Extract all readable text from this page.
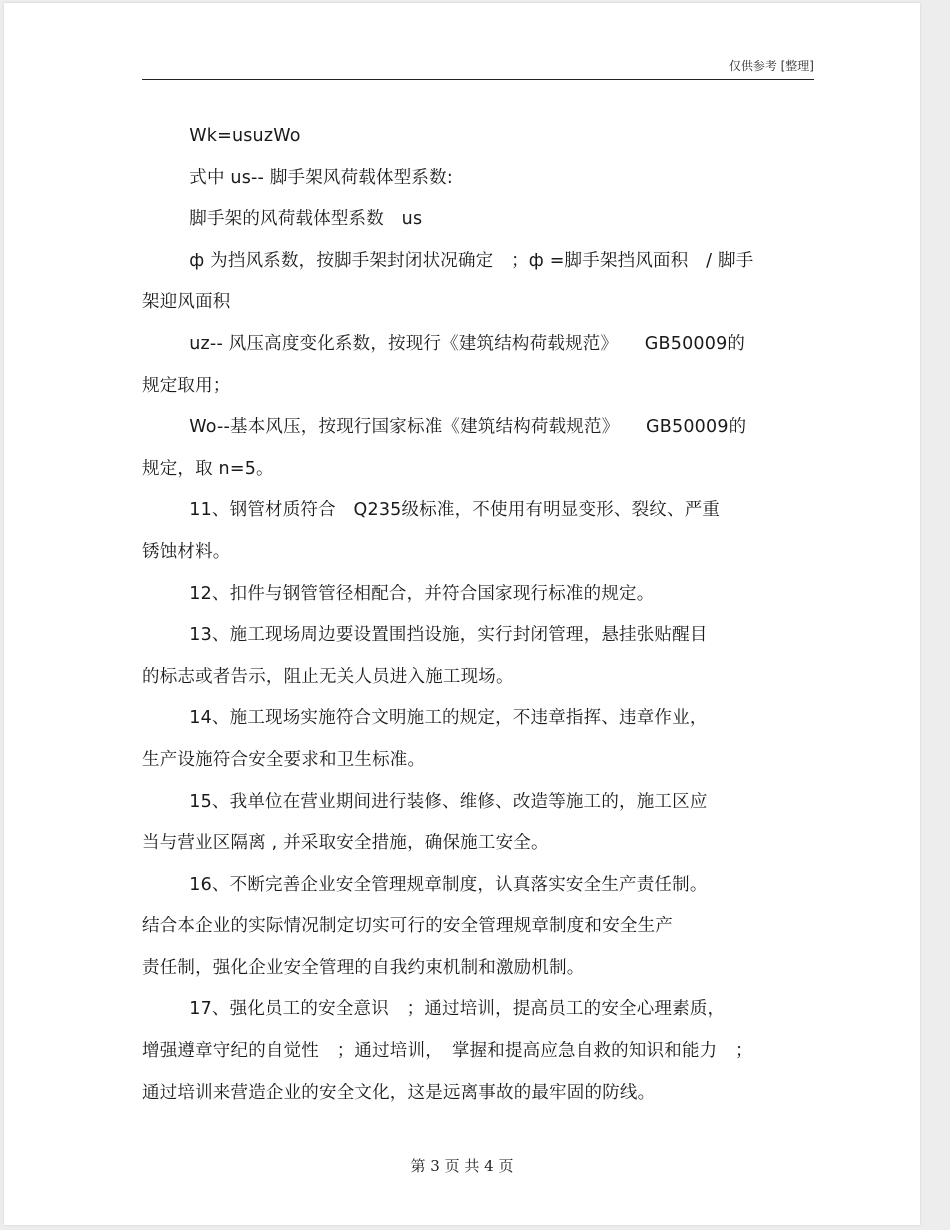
仅供参考 [整理]
Wk=usuzWo
式中 us-- 脚手架风荷载体型系数:
脚手架的风荷载体型系数　us
ф 为挡风系数，按脚手架封闭状况确定　；ф =脚手架挡风面积　/ 脚手
架迎风面积
uz-- 风压高度变化系数，按现行《建筑结构荷载规范》　　GB50009的
规定取用；
Wo--基本风压，按现行国家标准《建筑结构荷载规范》　　GB50009的
规定，取 n=5。
11、钢管材质符合　Q235级标准，不使用有明显变形、裂纹、严重
锈蚀材料。
12、扣件与钢管管径相配合，并符合国家现行标准的规定。
13、施工现场周边要设置围挡设施，实行封闭管理，悬挂张贴醒目
的标志或者告示，阻止无关人员进入施工现场。
14、施工现场实施符合文明施工的规定，不违章指挥、违章作业，
生产设施符合安全要求和卫生标准。
15、我单位在营业期间进行装修、维修、改造等施工的，施工区应
当与营业区隔离 , 并采取安全措施，确保施工安全。
16、不断完善企业安全管理规章制度，认真落实安全生产责任制。
结合本企业的实际情况制定切实可行的安全管理规章制度和安全生产
责任制，强化企业安全管理的自我约束机制和激励机制。
17、强化员工的安全意识　；通过培训，提高员工的安全心理素质，
增强遵章守纪的自觉性　；通过培训，　掌握和提高应急自救的知识和能力　；
通过培训来营造企业的安全文化，这是远离事故的最牢固的防线。
第 3 页 共 4 页
